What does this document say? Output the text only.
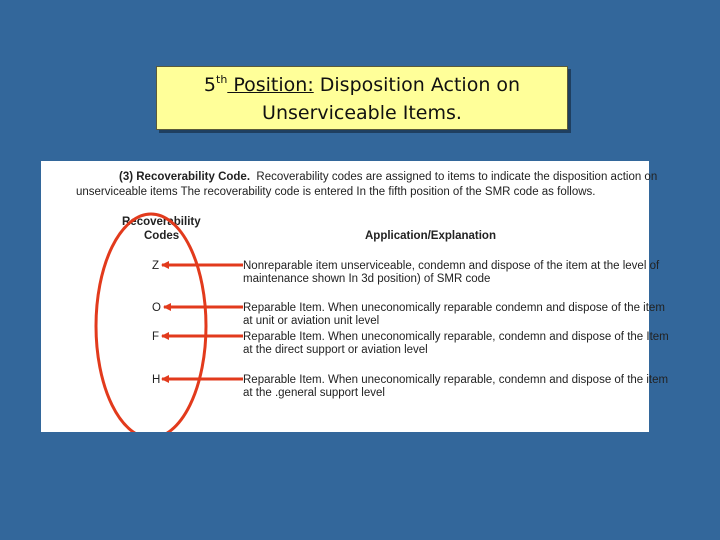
5th Position: Disposition Action on
Unserviceable Items.
(3) Recoverability Code. Recoverability codes are assigned to items to indicate the disposition action on
unserviceable items The recoverability code is entered In the fifth position of the SMR code as follows.
Recoverability
Codes	Application/Explanation
Z	Nonreparable item unserviceable, condemn and dispose of the item at the level of
maintenance shown In 3d position) of SMR code
O	Reparable Item. When uneconomically reparable condemn and dispose of the item
at unit or aviation unit level
F	Reparable Item. When uneconomically reparable, condemn and dispose of the Item
at the direct support or aviation level
H	Reparable Item. When uneconomically reparable, condemn and dispose of the item
at the .general support level
